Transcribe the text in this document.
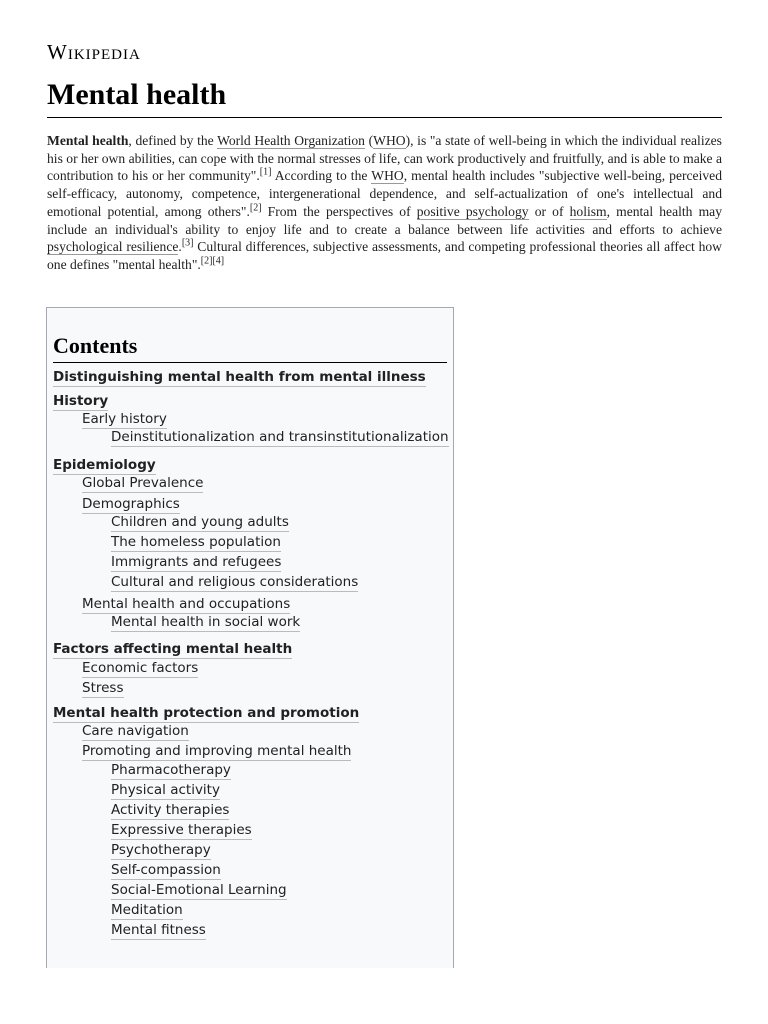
Wikipedia
Mental health
Mental health, defined by the World Health Organization (WHO), is "a state of well-being in which the individual realizes his or her own abilities, can cope with the normal stresses of life, can work productively and fruitfully, and is able to make a contribution to his or her community".[1] According to the WHO, mental health includes "subjective well-being, perceived self-efficacy, autonomy, competence, intergenerational dependence, and self-actualization of one's intellectual and emotional potential, among others".[2] From the perspectives of positive psychology or of holism, mental health may include an individual's ability to enjoy life and to create a balance between life activities and efforts to achieve psychological resilience.[3] Cultural differences, subjective assessments, and competing professional theories all affect how one defines "mental health".[2][4]
Contents
Distinguishing mental health from mental illness
History
Early history
Deinstitutionalization and transinstitutionalization
Epidemiology
Global Prevalence
Demographics
Children and young adults
The homeless population
Immigrants and refugees
Cultural and religious considerations
Mental health and occupations
Mental health in social work
Factors affecting mental health
Economic factors
Stress
Mental health protection and promotion
Care navigation
Promoting and improving mental health
Pharmacotherapy
Physical activity
Activity therapies
Expressive therapies
Psychotherapy
Self-compassion
Social-Emotional Learning
Meditation
Mental fitness
